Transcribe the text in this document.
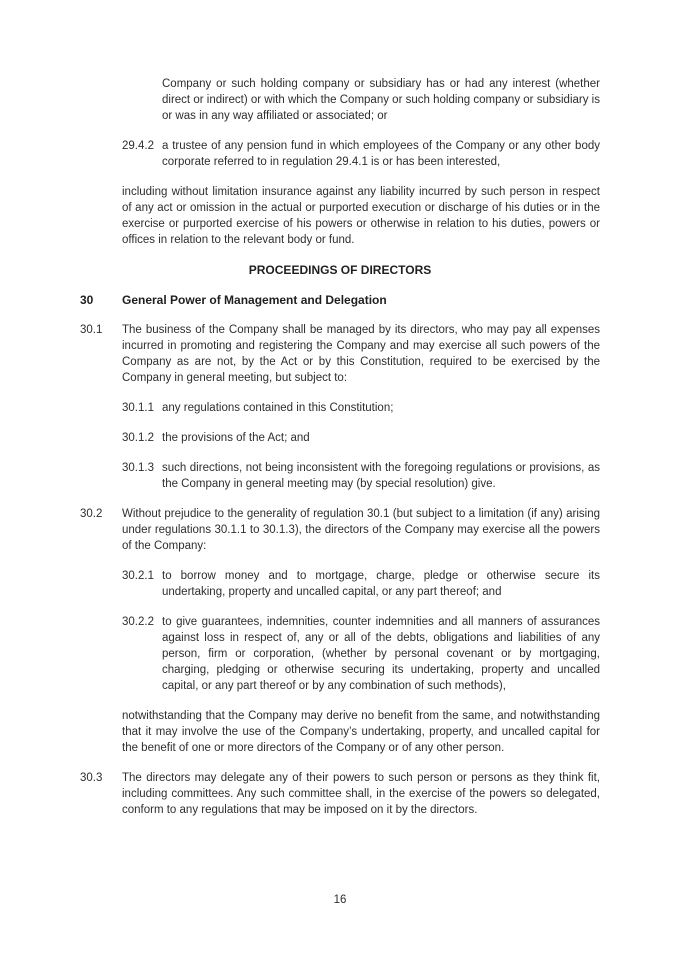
Company or such holding company or subsidiary has or had any interest (whether direct or indirect) or with which the Company or such holding company or subsidiary is or was in any way affiliated or associated; or

29.4.2 a trustee of any pension fund in which employees of the Company or any other body corporate referred to in regulation 29.4.1 is or has been interested,

including without limitation insurance against any liability incurred by such person in respect of any act or omission in the actual or purported execution or discharge of his duties or in the exercise or purported exercise of his powers or otherwise in relation to his duties, powers or offices in relation to the relevant body or fund.

PROCEEDINGS OF DIRECTORS
30	General Power of Management and Delegation
30.1	The business of the Company shall be managed by its directors, who may pay all expenses incurred in promoting and registering the Company and may exercise all such powers of the Company as are not, by the Act or by this Constitution, required to be exercised by the Company in general meeting, but subject to:

30.1.1 any regulations contained in this Constitution;

30.1.2 the provisions of the Act; and

30.1.3 such directions, not being inconsistent with the foregoing regulations or provisions, as the Company in general meeting may (by special resolution) give.

30.2	Without prejudice to the generality of regulation 30.1 (but subject to a limitation (if any) arising under regulations 30.1.1 to 30.1.3), the directors of the Company may exercise all the powers of the Company:

30.2.1 to borrow money and to mortgage, charge, pledge or otherwise secure its undertaking, property and uncalled capital, or any part thereof; and

30.2.2 to give guarantees, indemnities, counter indemnities and all manners of assurances against loss in respect of, any or all of the debts, obligations and liabilities of any person, firm or corporation, (whether by personal covenant or by mortgaging, charging, pledging or otherwise securing its undertaking, property and uncalled capital, or any part thereof or by any combination of such methods),

notwithstanding that the Company may derive no benefit from the same, and notwithstanding that it may involve the use of the Company’s undertaking, property, and uncalled capital for the benefit of one or more directors of the Company or of any other person.

30.3	The directors may delegate any of their powers to such person or persons as they think fit, including committees. Any such committee shall, in the exercise of the powers so delegated, conform to any regulations that may be imposed on it by the directors.

16
